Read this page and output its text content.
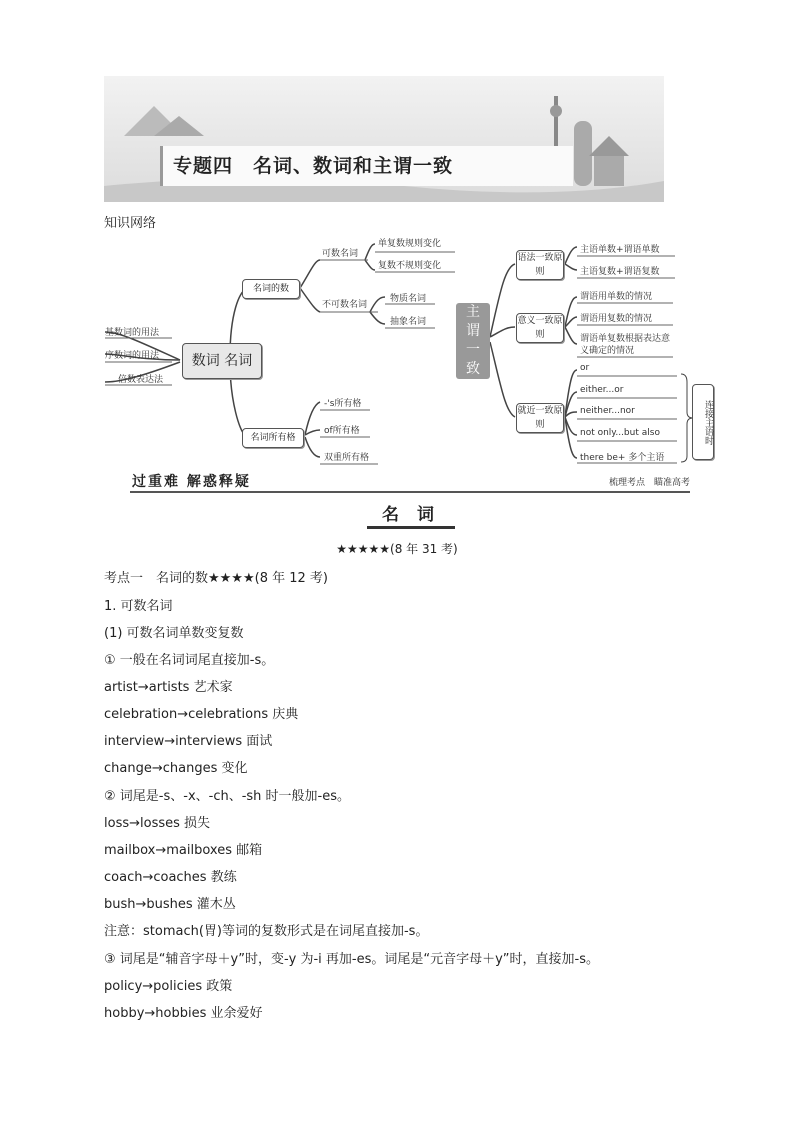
专题四　名词、数词和主谓一致
知识网络
数词 名词
基数词的用法
序数词的用法
倍数表达法
名词的数
可数名词
单复数规则变化
复数不规则变化
不可数名词
物质名词
抽象名词
名词所有格
-'s所有格
of所有格
双重所有格
主
谓
一
致
语法一致原则
意义一致原则
就近一致原则
主语单数+谓语单数
主语复数+谓语复数
谓语用单数的情况
谓语用复数的情况
谓语单复数根据表达意义确定的情况
or
either...or
neither...nor
not only...but also
there be+ 多个主语
连接主语时
过重难 解惑释疑	梳理考点　瞄准高考
名 词
★★★★★(8 年 31 考)
考点一　名词的数★★★★(8 年 12 考)
1. 可数名词
(1) 可数名词单数变复数
① 一般在名词词尾直接加-s。
artist→artists 艺术家
celebration→celebrations 庆典
interview→interviews 面试
change→changes 变化
② 词尾是-s、-x、-ch、-sh 时一般加-es。
loss→losses 损失
mailbox→mailboxes 邮箱
coach→coaches 教练
bush→bushes 灌木丛
注意：stomach(胃)等词的复数形式是在词尾直接加-s。
③ 词尾是“辅音字母＋y”时，变-y 为-i 再加-es。词尾是“元音字母＋y”时，直接加-s。
policy→policies 政策
hobby→hobbies 业余爱好
